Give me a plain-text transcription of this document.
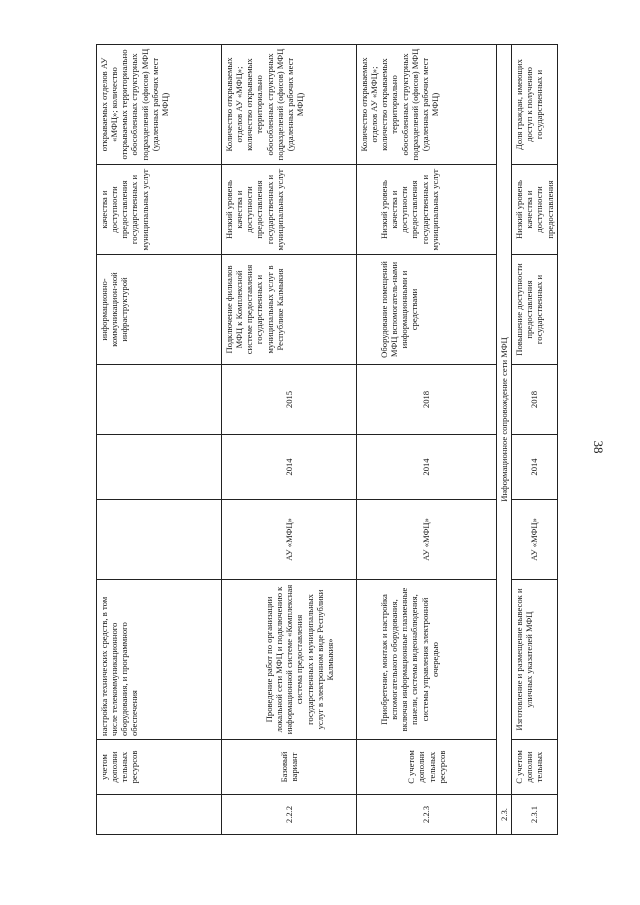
38
	учетом дополни тельных ресурсов	настройка технических средств, в том числе телекоммуникационного оборудования, и программного обеспечения				информационно-коммуникацион-ной инфраструктурой	качества и доступности предоставления государственных и муниципальных услуг	открываемых отделов АУ «МФЦ»; количество открываемых территориально обособленных структурных подразделений (офисов) МФЦ (удаленных рабочих мест МФЦ)
2.2.2	Базовый вариант	Проведение работ по организации локальной сети МФЦ и подключению к информационной системе «Комплексная система предоставления государственных и муниципальных услуг в электронном виде Республики Калмыкия»	АУ «МФЦ»	2014	2015	Подключение филиалов МФЦ к Комплексной системе предоставления государственных и муниципальных услуг в Республике Калмыкия	Низкий уровень качества и доступности предоставления государственных и муниципальных услуг	Количество открываемых отделов АУ «МФЦ»; количество открываемых территориально обособленных структурных подразделений (офисов) МФЦ (удаленных рабочих мест МФЦ)
2.2.3	С учетом дополни тельных ресурсов	Приобретение, монтаж и настройка вспомогательного оборудования, включая информационные плазменные панели, системы видеонаблюдения, системы управления электронной очередью	АУ «МФЦ»	2014	2018	Оборудование помещений МФЦ вспомогатель-ными информационными и средствами	Низкий уровень качества и доступности предоставления государственных и муниципальных услуг	Количество открываемых отделов АУ «МФЦ»; количество открываемых территориально обособленных структурных подразделений (офисов) МФЦ (удаленных рабочих мест МФЦ)
2.3.	Информационное сопровождение сети МФЦ							
2.3.1	С учетом дополни тельных	Изготовление и размещение вывесок и уличных указателей МФЦ	АУ «МФЦ»	2014	2018	Повышение доступности предоставления государственных и	Низкий уровень качества и доступности предоставления	Доля граждан, имеющих доступ к получению государственных и
